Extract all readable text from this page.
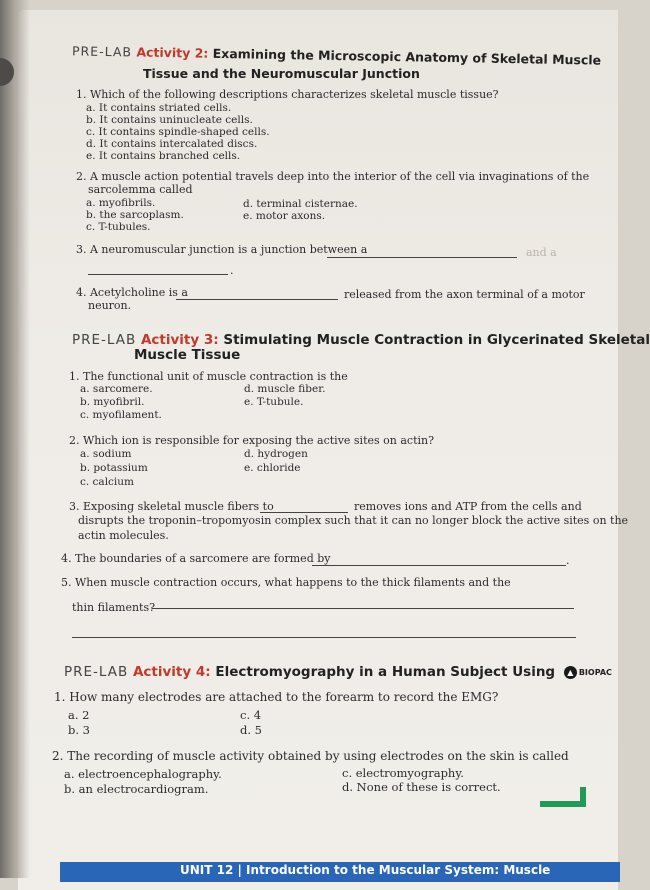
PRE-LAB Activity 2: Examining the Microscopic Anatomy of Skeletal Muscle
Tissue and the Neuromuscular Junction
1. Which of the following descriptions characterizes skeletal muscle tissue?
a. It contains striated cells.
b. It contains uninucleate cells.
c. It contains spindle-shaped cells.
d. It contains intercalated discs.
e. It contains branched cells.
2. A muscle action potential travels deep into the interior of the cell via invaginations of the
sarcolemma called
a. myofibrils.
b. the sarcoplasm.
c. T-tubules.
d. terminal cisternae.
e. motor axons.
3. A neuromuscular junction is a junction between a	and a
.
4. Acetylcholine is a	released from the axon terminal of a motor
neuron.
PRE-LAB Activity 3: Stimulating Muscle Contraction in Glycerinated Skeletal
Muscle Tissue
1. The functional unit of muscle contraction is the
a. sarcomere.
b. myofibril.
c. myofilament.
d. muscle fiber.
e. T-tubule.
2. Which ion is responsible for exposing the active sites on actin?
a. sodium
b. potassium
c. calcium
d. hydrogen
e. chloride
3. Exposing skeletal muscle fibers to	removes ions and ATP from the cells and
disrupts the troponin–tropomyosin complex such that it can no longer block the active sites on the
actin molecules.
4. The boundaries of a sarcomere are formed by	.
5. When muscle contraction occurs, what happens to the thick filaments and the
thin filaments?
PRE-LAB Activity 4: Electromyography in a Human Subject Using	▲ BIOPAC
1. How many electrodes are attached to the forearm to record the EMG?
a. 2
b. 3
c. 4
d. 5
2. The recording of muscle activity obtained by using electrodes on the skin is called
a. electroencephalography.
b. an electrocardiogram.
c. electromyography.
d. None of these is correct.
UNIT 12 | Introduction to the Muscular System: Muscle
